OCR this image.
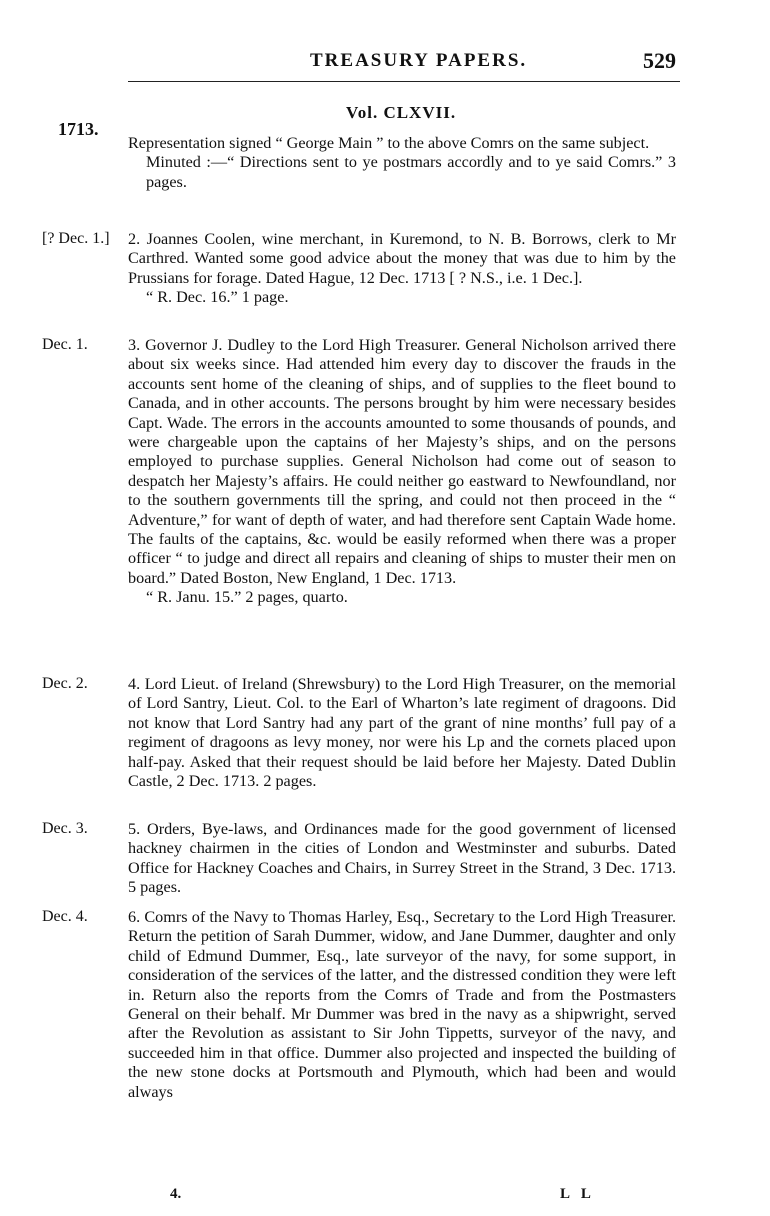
TREASURY PAPERS.	529
Vol. CLXVII.
1713.

Representation signed “ George Main ” to the above Comrs on the same subject.

Minuted :—“ Directions sent to ye postmars accordly and to ye said Comrs.” 3 pages.

[? Dec. 1.]	2. Joannes Coolen, wine merchant, in Kuremond, to N. B. Borrows, clerk to Mr Carthred. Wanted some good advice about the money that was due to him by the Prussians for forage. Dated Hague, 12 Dec. 1713 [ ? N.S., i.e. 1 Dec.].

“ R. Dec. 16.” 1 page.

Dec. 1.	3. Governor J. Dudley to the Lord High Treasurer. General Nicholson arrived there about six weeks since. Had attended him every day to discover the frauds in the accounts sent home of the cleaning of ships, and of supplies to the fleet bound to Canada, and in other accounts. The persons brought by him were necessary besides Capt. Wade. The errors in the accounts amounted to some thousands of pounds, and were chargeable upon the captains of her Majesty’s ships, and on the persons employed to purchase supplies. General Nicholson had come out of season to despatch her Majesty’s affairs. He could neither go eastward to Newfoundland, nor to the southern governments till the spring, and could not then proceed in the “ Adventure,” for want of depth of water, and had therefore sent Captain Wade home. The faults of the captains, &c. would be easily reformed when there was a proper officer “ to judge and direct all repairs and cleaning of ships to muster their men on board.” Dated Boston, New England, 1 Dec. 1713.

“ R. Janu. 15.” 2 pages, quarto.

Dec. 2.	4. Lord Lieut. of Ireland (Shrewsbury) to the Lord High Treasurer, on the memorial of Lord Santry, Lieut. Col. to the Earl of Wharton’s late regiment of dragoons. Did not know that Lord Santry had any part of the grant of nine months’ full pay of a regiment of dragoons as levy money, nor were his Lp and the cornets placed upon half-pay. Asked that their request should be laid before her Majesty. Dated Dublin Castle, 2 Dec. 1713. 2 pages.

Dec. 3.	5. Orders, Bye-laws, and Ordinances made for the good government of licensed hackney chairmen in the cities of London and Westminster and suburbs. Dated Office for Hackney Coaches and Chairs, in Surrey Street in the Strand, 3 Dec. 1713. 5 pages.

Dec. 4.	6. Comrs of the Navy to Thomas Harley, Esq., Secretary to the Lord High Treasurer. Return the petition of Sarah Dummer, widow, and Jane Dummer, daughter and only child of Edmund Dummer, Esq., late surveyor of the navy, for some support, in consideration of the services of the latter, and the distressed condition they were left in. Return also the reports from the Comrs of Trade and from the Postmasters General on their behalf. Mr Dummer was bred in the navy as a shipwright, served after the Revolution as assistant to Sir John Tippetts, surveyor of the navy, and succeeded him in that office. Dummer also projected and inspected the building of the new stone docks at Portsmouth and Plymouth, which had been and would always

4.	L L
